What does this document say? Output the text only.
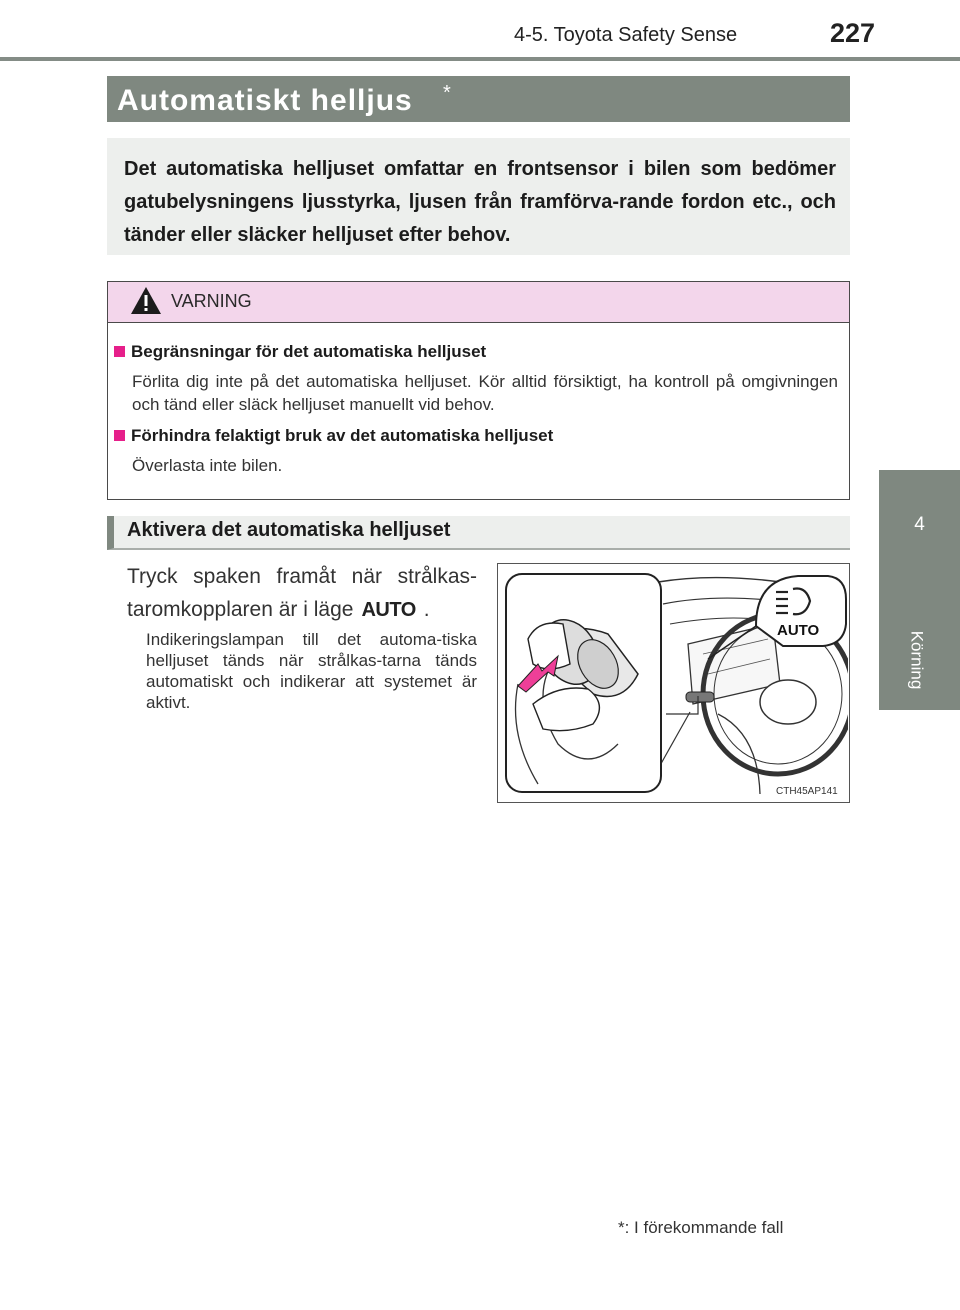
4-5. Toyota Safety Sense	227
4
Körning
Automatiskt helljus *

Det automatiska helljuset omfattar en frontsensor i bilen som bedömer gatubelysningens ljusstyrka, ljusen från framförva-rande fordon etc., och tänder eller släcker helljuset efter behov.

VARNING
Begränsningar för det automatiska helljuset
Förlita dig inte på det automatiska helljuset. Kör alltid försiktigt, ha kontroll på omgivningen och tänd eller släck helljuset manuellt vid behov.
Förhindra felaktigt bruk av det automatiska helljuset
Överlasta inte bilen.
Aktivera det automatiska helljuset
Tryck spaken framåt när strålkas-taromkopplaren är i läge AUTO .
Indikeringslampan till det automa-tiska helljuset tänds när strålkas-tarna tänds automatiskt och indikerar att systemet är aktivt.
AUTO
CTH45AP141
*: I förekommande fall
